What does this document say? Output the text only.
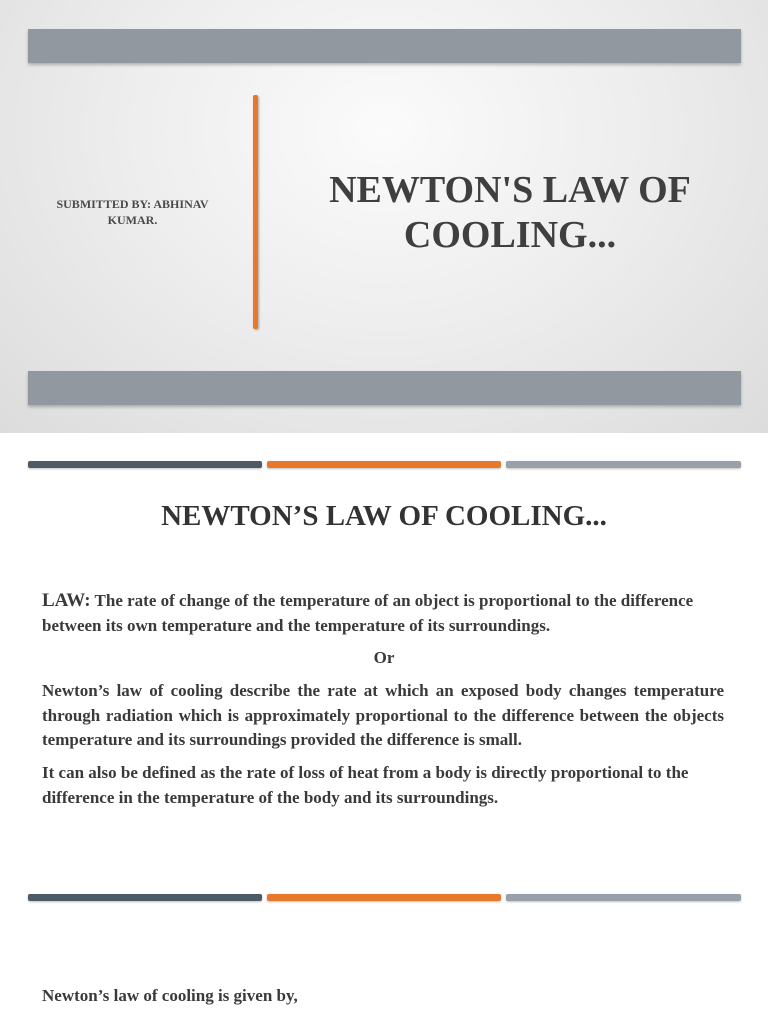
SUBMITTED BY: ABHINAV KUMAR.
NEWTON'S LAW OF COOLING...
NEWTON’S LAW OF COOLING...
LAW: The rate of change of the temperature of an object is proportional to the difference between its own temperature and the temperature of its surroundings.
Or
Newton’s law of cooling describe the rate at which an exposed body changes temperature through radiation which is approximately proportional to the difference between the objects temperature and its surroundings provided the difference is small.
It can also be defined as the rate of loss of heat from a body is directly proportional to the difference in the temperature of the body and its surroundings.
Newton’s law of cooling is given by,
